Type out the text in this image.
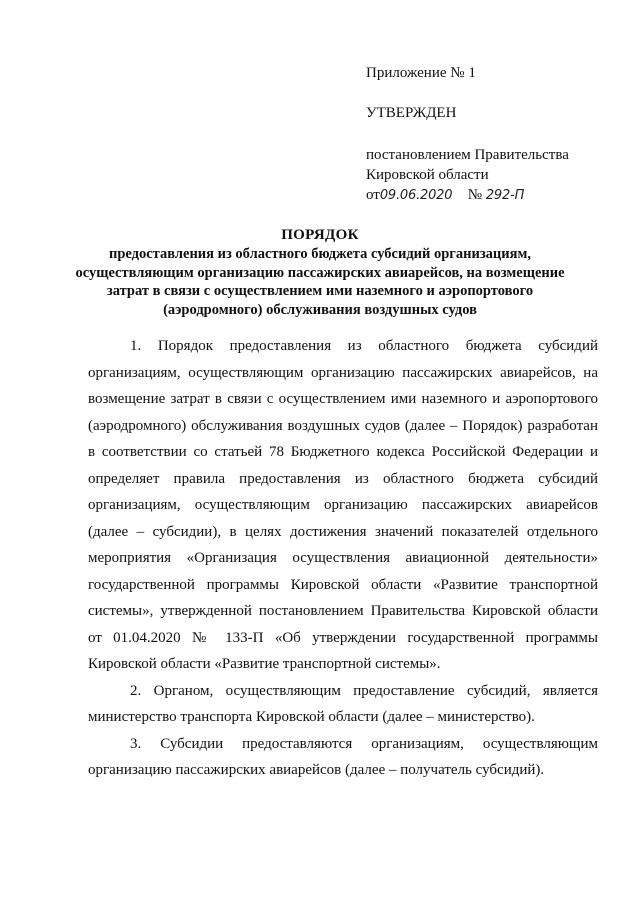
Приложение № 1
УТВЕРЖДЕН
постановлением Правительства
Кировской области
от09.06.2020 № 292-П
ПОРЯДОК
предоставления из областного бюджета субсидий организациям, осуществляющим организацию пассажирских авиарейсов, на возмещение затрат в связи с осуществлением ими наземного и аэропортового (аэродромного) обслуживания воздушных судов

1. Порядок предоставления из областного бюджета субсидий организациям, осуществляющим организацию пассажирских авиарейсов, на возмещение затрат в связи с осуществлением ими наземного и аэропортового (аэродромного) обслуживания воздушных судов (далее – Порядок) разработан в соответствии со статьей 78 Бюджетного кодекса Российской Федерации и определяет правила предоставления из областного бюджета субсидий организациям, осуществляющим организацию пассажирских авиарейсов (далее – субсидии), в целях достижения значений показателей отдельного мероприятия «Организация осуществления авиационной деятельности» государственной программы Кировской области «Развитие транспортной системы», утвержденной постановлением Правительства Кировской области от 01.04.2020 № 133-П «Об утверждении государственной программы Кировской области «Развитие транспортной системы».

2. Органом, осуществляющим предоставление субсидий, является министерство транспорта Кировской области (далее – министерство).

3. Субсидии предоставляются организациям, осуществляющим организацию пассажирских авиарейсов (далее – получатель субсидий).
